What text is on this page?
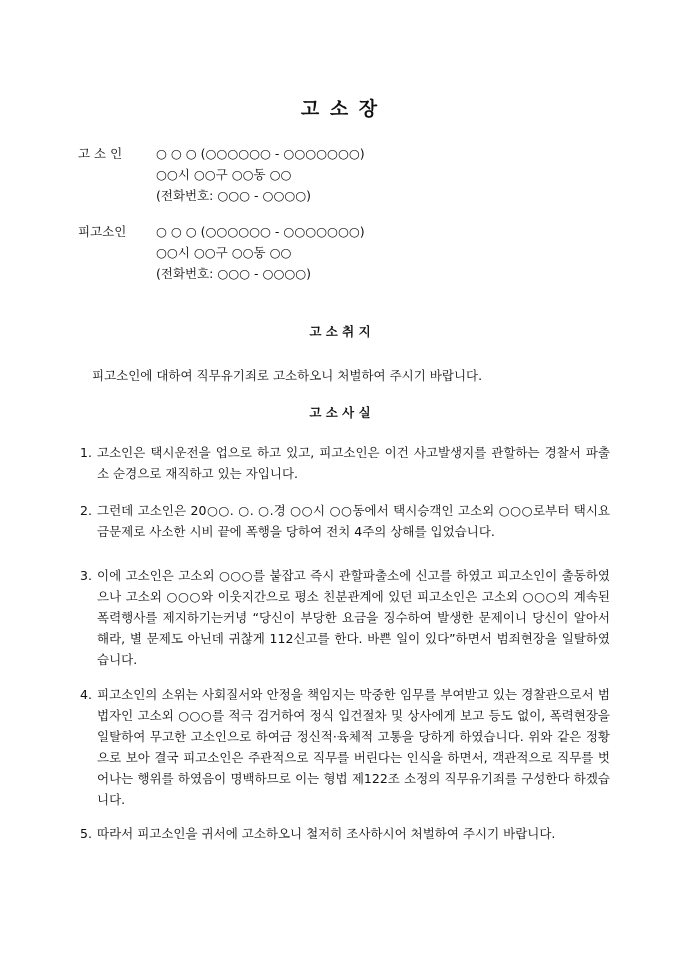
고 소 장
고 소 인	○ ○ ○ (○○○○○○ - ○○○○○○○)
○○시 ○○구 ○○동 ○○
(전화번호: ○○○ - ○○○○)
피고소인	○ ○ ○ (○○○○○○ - ○○○○○○○)
○○시 ○○구 ○○동 ○○
(전화번호: ○○○ - ○○○○)
고 소 취 지
피고소인에 대하여 직무유기죄로 고소하오니 처벌하여 주시기 바랍니다.
고 소 사 실
1. 고소인은 택시운전을 업으로 하고 있고, 피고소인은 이건 사고발생지를 관할하는 경찰서 파출소 순경으로 재직하고 있는 자입니다.
2. 그런데 고소인은 20○○. ○. ○.경 ○○시 ○○동에서 택시승객인 고소외 ○○○로부터 택시요금문제로 사소한 시비 끝에 폭행을 당하여 전치 4주의 상해를 입었습니다.
3. 이에 고소인은 고소외 ○○○를 붙잡고 즉시 관할파출소에 신고를 하였고 피고소인이 출동하였으나 고소외 ○○○와 이웃지간으로 평소 친분관계에 있던 피고소인은 고소외 ○○○의 계속된 폭력행사를 제지하기는커녕 “당신이 부당한 요금을 징수하여 발생한 문제이니 당신이 알아서 해라, 별 문제도 아닌데 귀찮게 112신고를 한다. 바쁜 일이 있다”하면서 범죄현장을 일탈하였습니다.
4. 피고소인의 소위는 사회질서와 안정을 책임지는 막중한 임무를 부여받고 있는 경찰관으로서 범법자인 고소외 ○○○를 적극 검거하여 정식 입건절차 및 상사에게 보고 등도 없이, 폭력현장을 일탈하여 무고한 고소인으로 하여금 정신적·육체적 고통을 당하게 하였습니다. 위와 같은 정황으로 보아 결국 피고소인은 주관적으로 직무를 버린다는 인식을 하면서, 객관적으로 직무를 벗어나는 행위를 하였음이 명백하므로 이는 형법 제122조 소정의 직무유기죄를 구성한다 하겠습니다.
5. 따라서 피고소인을 귀서에 고소하오니 철저히 조사하시어 처벌하여 주시기 바랍니다.
